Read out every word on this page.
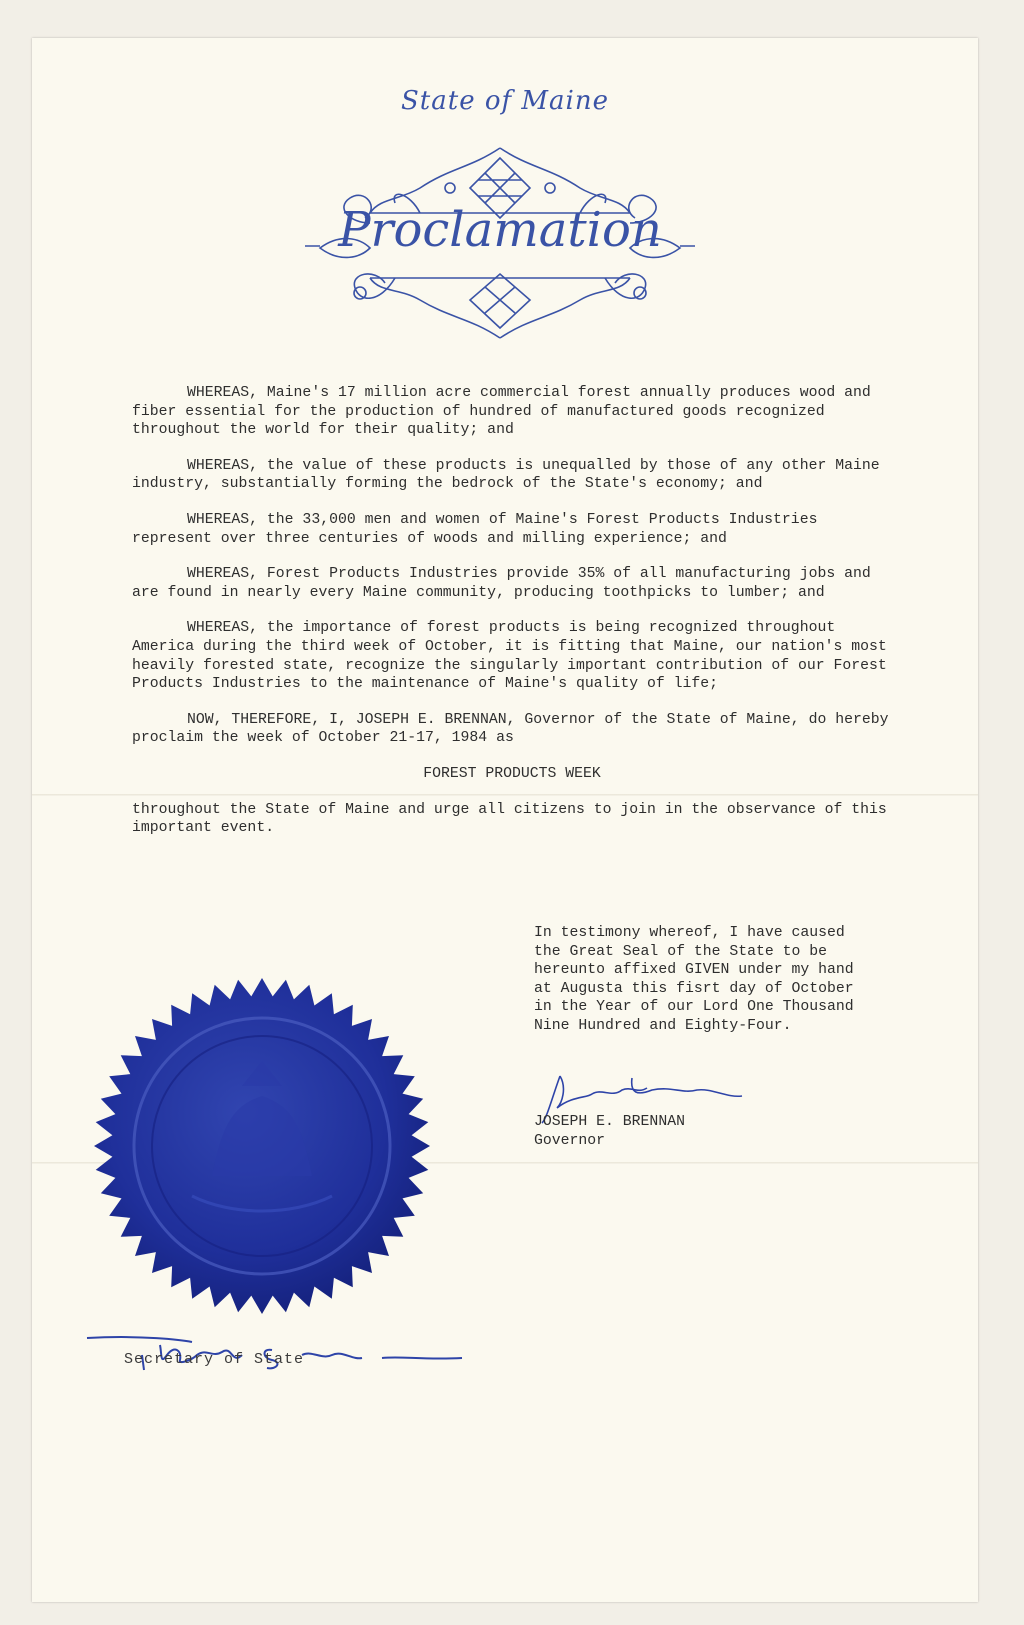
State of Maine
Proclamation

WHEREAS, Maine's 17 million acre commercial forest annually produces wood and fiber essential for the production of hundred of manufactured goods recognized throughout the world for their quality; and

WHEREAS, the value of these products is unequalled by those of any other Maine industry, substantially forming the bedrock of the State's economy; and

WHEREAS, the 33,000 men and women of Maine's Forest Products Industries represent over three centuries of woods and milling experience; and

WHEREAS, Forest Products Industries provide 35% of all manufacturing jobs and are found in nearly every Maine community, producing toothpicks to lumber; and

WHEREAS, the importance of forest products is being recognized throughout America during the third week of October, it is fitting that Maine, our nation's most heavily forested state, recognize the singularly important contribution of our Forest Products Industries to the maintenance of Maine's quality of life;

NOW, THEREFORE, I, JOSEPH E. BRENNAN, Governor of the State of Maine, do hereby proclaim the week of October 21-17, 1984 as

FOREST PRODUCTS WEEK

throughout the State of Maine and urge all citizens to join in the observance of this important event.

In testimony whereof, I have caused the Great Seal of the State to be hereunto affixed GIVEN under my hand at Augusta this fisrt day of October in the Year of our Lord One Thousand Nine Hundred and Eighty-Four.
JOSEPH E. BRENNAN
Governor
Secretary of State
